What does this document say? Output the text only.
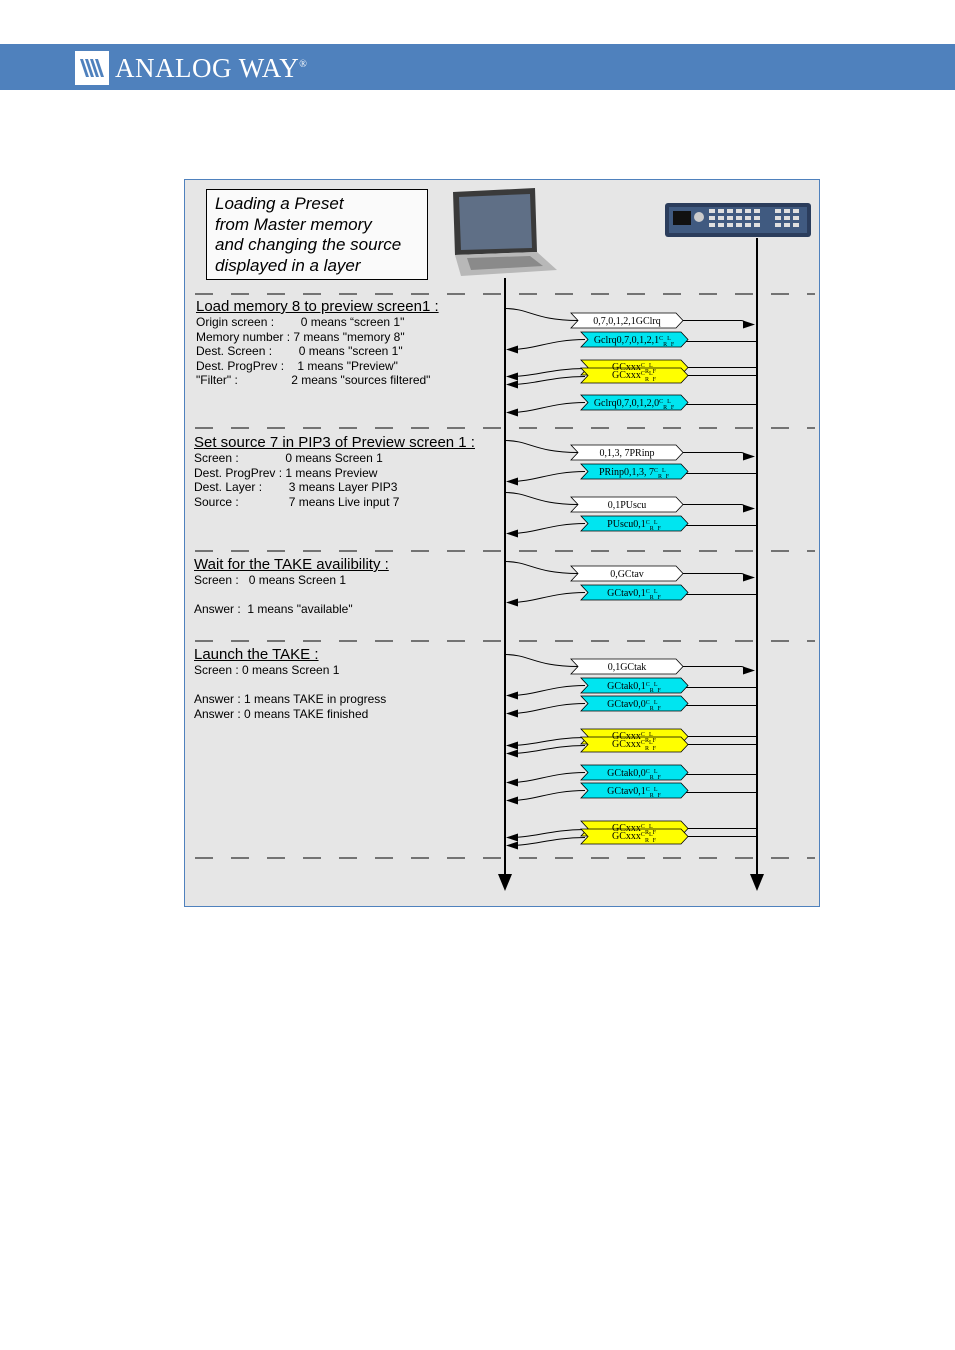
ANALOG WAY®
0,7,0,1,2,1GClrq
$Gclrq0,7,0,1,2,1^C_R^L_F$
GCxxx$^C_R^L_F$
GCxxx$^C_R^L_F$
$Gclrq0,7,0,1,2,0^C_R^L_F$
0,1,3, 7PRinp
PRinp0,1,3, $7^C_R^L_F$
0,1PUscu
$PUscu0,1^C_R^L_F$
0,GCtav
$GCtav0,1^C_R^L_F$
0,1GCtak
$GCtak0,1^C_R^L_F$
$GCtav0,0^C_R^L_F$
GCxxx$^C_R^L_F$
GCxxx$^C_R^L_F$
$GCtak0,0^C_R^L_F$
$GCtav0,1^C_R^L_F$
GCxxx$^C_R^L_F$
GCxxx$^C_R^L_F$
Loading a Preset
from Master memory
and changing the source
displayed in a layer
Load memory 8 to preview screen1 :
Origin screen :        0 means “screen 1"
Memory number : 7 means "memory 8"
Dest. Screen :        0 means "screen 1"
Dest. ProgPrev :    1 means "Preview"
"Filter" :                2 means "sources filtered"
Set source 7 in PIP3 of Preview screen 1 :
Screen :              0 means Screen 1
Dest. ProgPrev : 1 means Preview
Dest. Layer :        3 means Layer PIP3
Source :               7 means Live input 7
Wait for the TAKE availibility :
Screen :   0 means Screen 1
Answer :  1 means "available"
Launch the TAKE :
Screen : 0 means Screen 1
Answer : 1 means TAKE in progress
Answer : 0 means TAKE finished
